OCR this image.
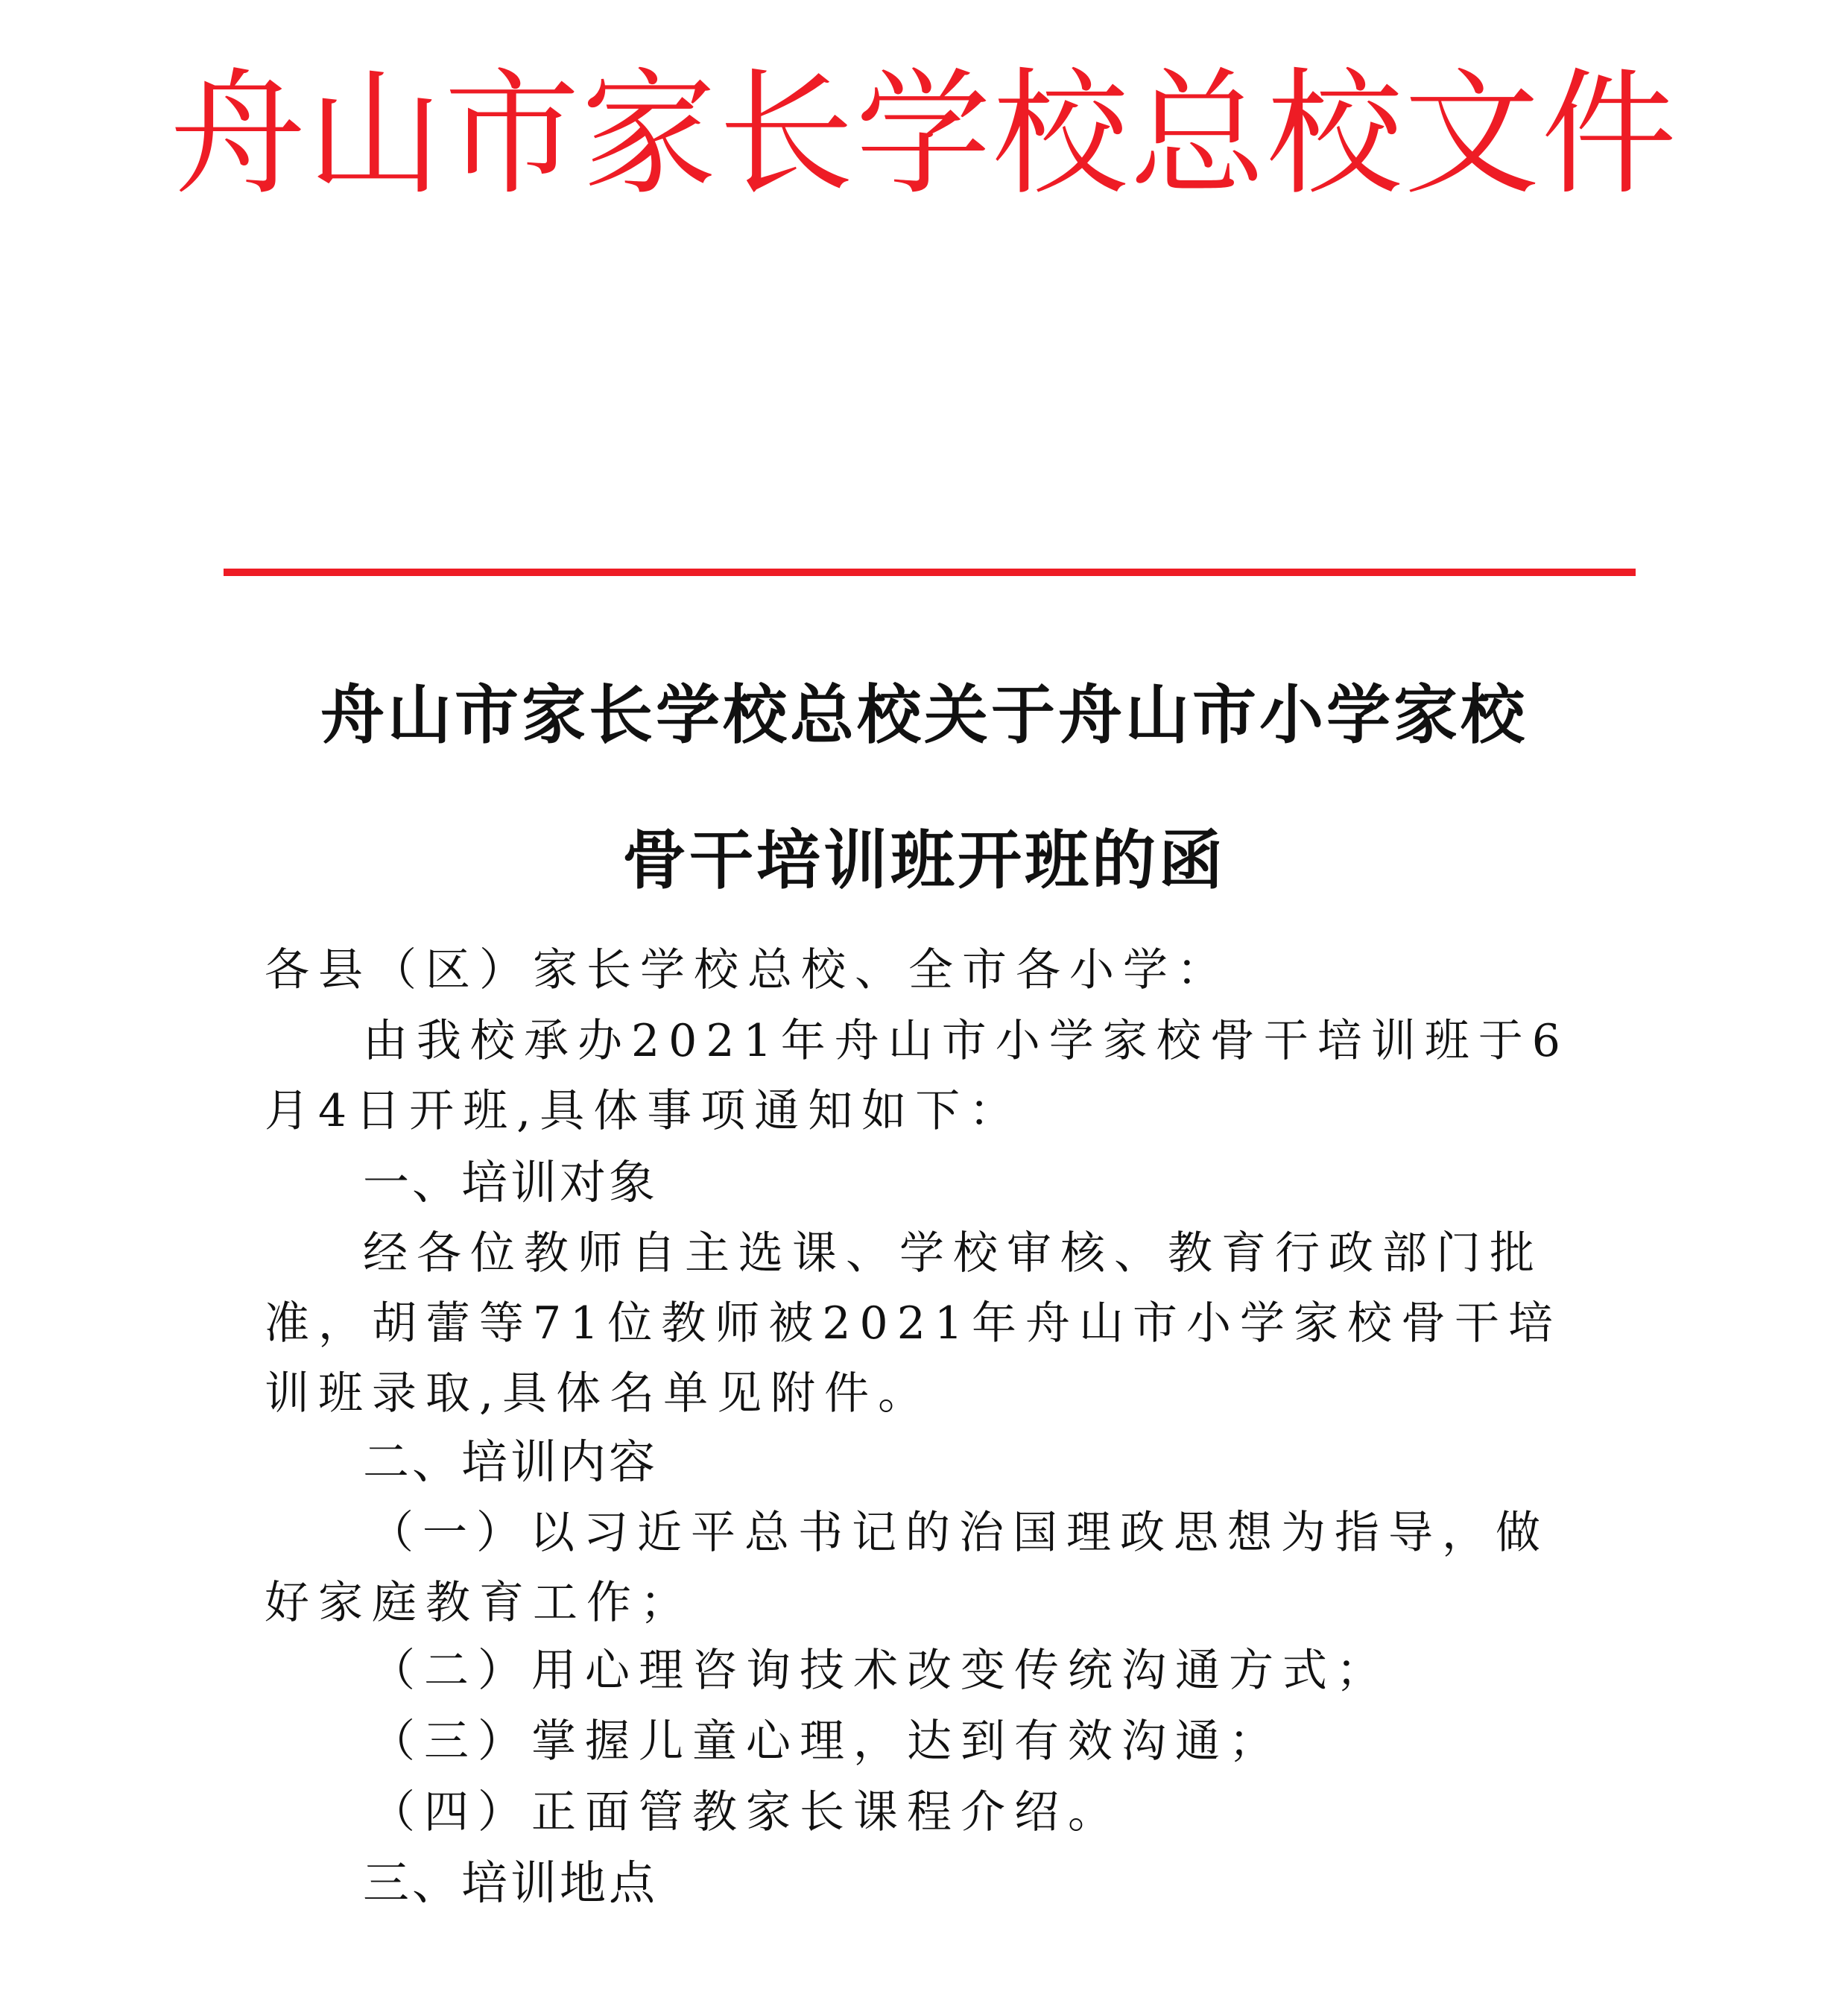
舟山市家长学校总校文件
舟山市家长学校总校关于舟山市小学家校
骨干培训班开班的函
各县（区）家长学校总校、全市各小学：
由我校承办2021年舟山市小学家校骨干培训班于6月4日开班,具体事项通知如下：
一、培训对象
经各位教师自主选课、学校审核、教育行政部门批准，胡蕾等71位教师被2021年舟山市小学家校骨干培训班录取,具体名单见附件。
二、培训内容
（一）以习近平总书记的治国理政思想为指导，做好家庭教育工作；
（二）用心理咨询技术改变传统沟通方式；
（三）掌握儿童心理，达到有效沟通；
（四）正面管教家长课程介绍。
三、培训地点
